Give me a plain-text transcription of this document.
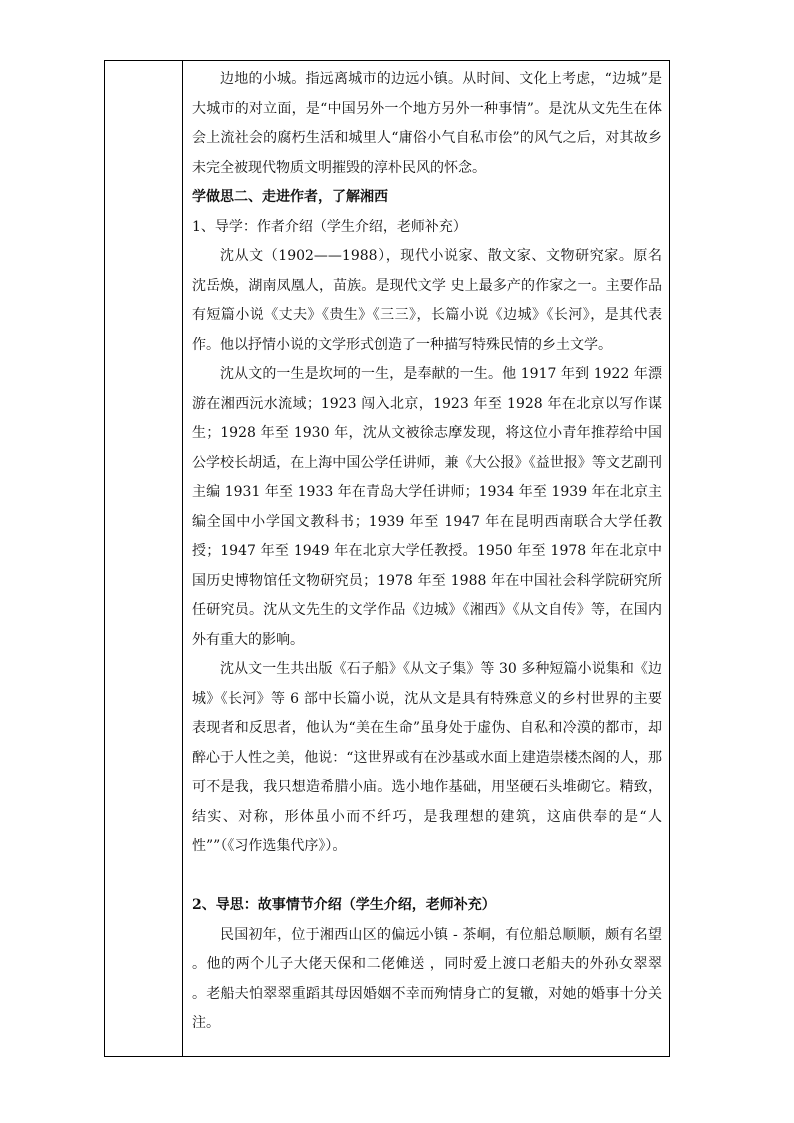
边地的小城。指远离城市的边远小镇。从时间、文化上考虑，“边城”是大城市的对立面，是“中国另外一个地方另外一种事情”。是沈从文先生在体会上流社会的腐朽生活和城里人“庸俗小气自私市侩”的风气之后，对其故乡未完全被现代物质文明摧毁的淳朴民风的怀念。

学做思二、走进作者，了解湘西

1、导学：作者介绍（学生介绍，老师补充）

沈从文（1902——1988），现代小说家、散文家、文物研究家。原名沈岳焕，湖南凤凰人，苗族。是现代文学 史上最多产的作家之一。主要作品有短篇小说《丈夫》《贵生》《三三》，长篇小说《边城》《长河》，是其代表作。他以抒情小说的文学形式创造了一种描写特殊民情的乡土文学。

沈从文的一生是坎坷的一生，是奉献的一生。他 1917 年到 1922 年漂游在湘西沅水流域；1923 闯入北京，1923 年至 1928 年在北京以写作谋生；1928 年至 1930 年，沈从文被徐志摩发现，将这位小青年推荐给中国公学校长胡适，在上海中国公学任讲师，兼《大公报》《益世报》等文艺副刊主编 1931 年至 1933 年在青岛大学任讲师；1934 年至 1939 年在北京主编全国中小学国文教科书；1939 年至 1947 年在昆明西南联合大学任教授；1947 年至 1949 年在北京大学任教授。1950 年至 1978 年在北京中国历史博物馆任文物研究员；1978 年至 1988 年在中国社会科学院研究所任研究员。沈从文先生的文学作品《边城》《湘西》《从文自传》等，在国内外有重大的影响。

沈从文一生共出版《石子船》《从文子集》等 30 多种短篇小说集和《边城》《长河》等 6 部中长篇小说，沈从文是具有特殊意义的乡村世界的主要表现者和反思者，他认为“美在生命”虽身处于虚伪、自私和冷漠的都市，却醉心于人性之美，他说：“这世界或有在沙基或水面上建造崇楼杰阁的人，那可不是我，我只想造希腊小庙。选小地作基础，用坚硬石头堆砌它。精致，结实、对称，形体虽小而不纤巧，是我理想的建筑，这庙供奉的是“人性””（《习作选集代序》）。

2、导思：故事情节介绍（学生介绍，老师补充）

民国初年，位于湘西山区的偏远小镇 - 茶峒，有位船总顺顺，颇有名望 。他的两个儿子大佬天保和二佬傩送 ，同时爱上渡口老船夫的外孙女翠翠 。老船夫怕翠翠重蹈其母因婚姻不幸而殉情身亡的复辙，对她的婚事十分关注。
